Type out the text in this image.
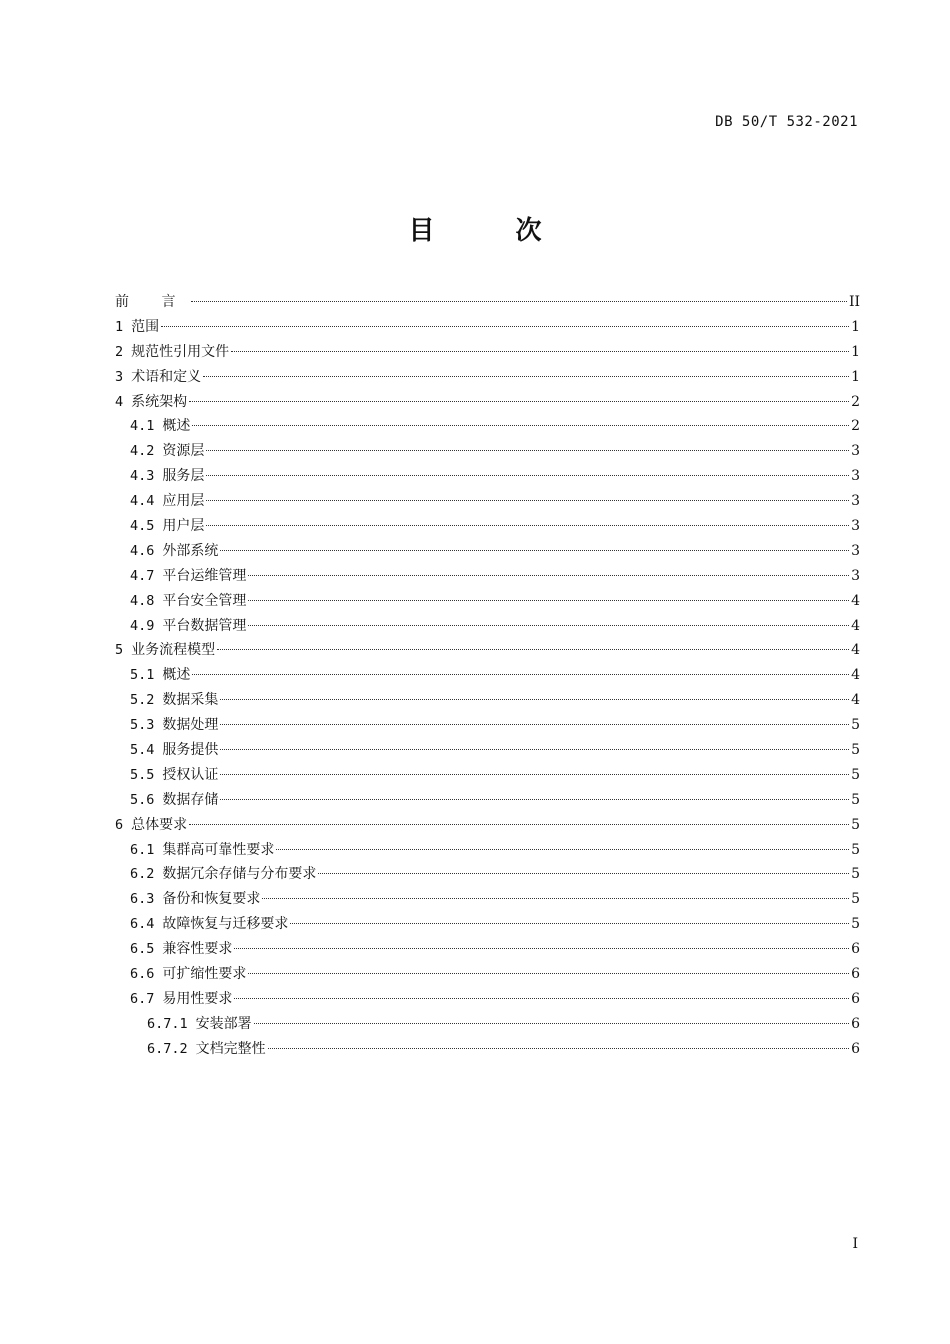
DB 50/T 532-2021
目 次
前 言	II
1 范围	1
2 规范性引用文件	1
3 术语和定义	1
4 系统架构	2
4.1 概述	2
4.2 资源层	3
4.3 服务层	3
4.4 应用层	3
4.5 用户层	3
4.6 外部系统	3
4.7 平台运维管理	3
4.8 平台安全管理	4
4.9 平台数据管理	4
5 业务流程模型	4
5.1 概述	4
5.2 数据采集	4
5.3 数据处理	5
5.4 服务提供	5
5.5 授权认证	5
5.6 数据存储	5
6 总体要求	5
6.1 集群高可靠性要求	5
6.2 数据冗余存储与分布要求	5
6.3 备份和恢复要求	5
6.4 故障恢复与迁移要求	5
6.5 兼容性要求	6
6.6 可扩缩性要求	6
6.7 易用性要求	6
6.7.1 安装部署	6
6.7.2 文档完整性	6
I
